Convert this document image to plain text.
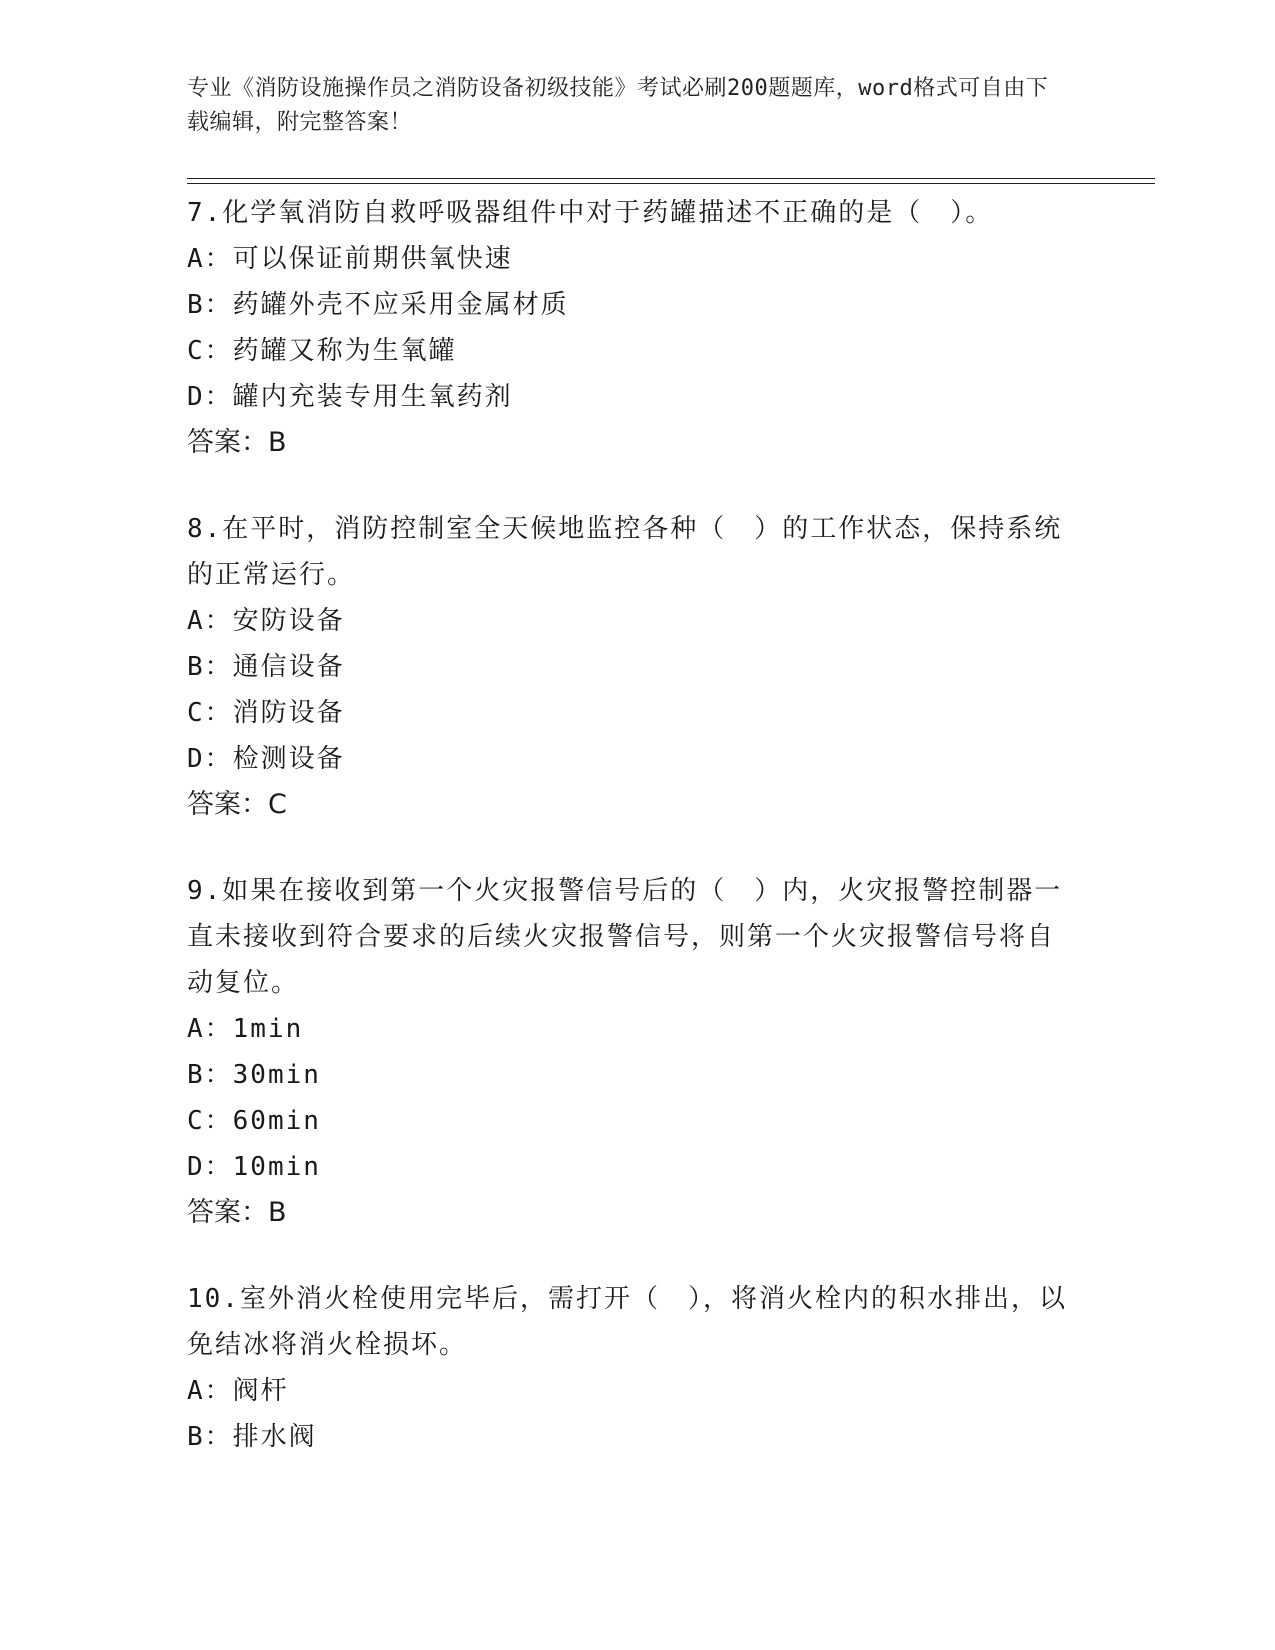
专业《消防设施操作员之消防设备初级技能》考试必刷200题题库，word格式可自由下载编辑，附完整答案！

7.化学氧消防自救呼吸器组件中对于药罐描述不正确的是（　）。

A：可以保证前期供氧快速

B：药罐外壳不应采用金属材质

C：药罐又称为生氧罐

D：罐内充装专用生氧药剂

答案：B

8.在平时，消防控制室全天候地监控各种（　）的工作状态，保持系统的正常运行。

A：安防设备

B：通信设备

C：消防设备

D：检测设备

答案：C

9.如果在接收到第一个火灾报警信号后的（　）内，火灾报警控制器一直未接收到符合要求的后续火灾报警信号，则第一个火灾报警信号将自动复位。

A：1min

B：30min

C：60min

D：10min

答案：B

10.室外消火栓使用完毕后，需打开（　），将消火栓内的积水排出，以免结冰将消火栓损坏。

A：阀杆

B：排水阀
